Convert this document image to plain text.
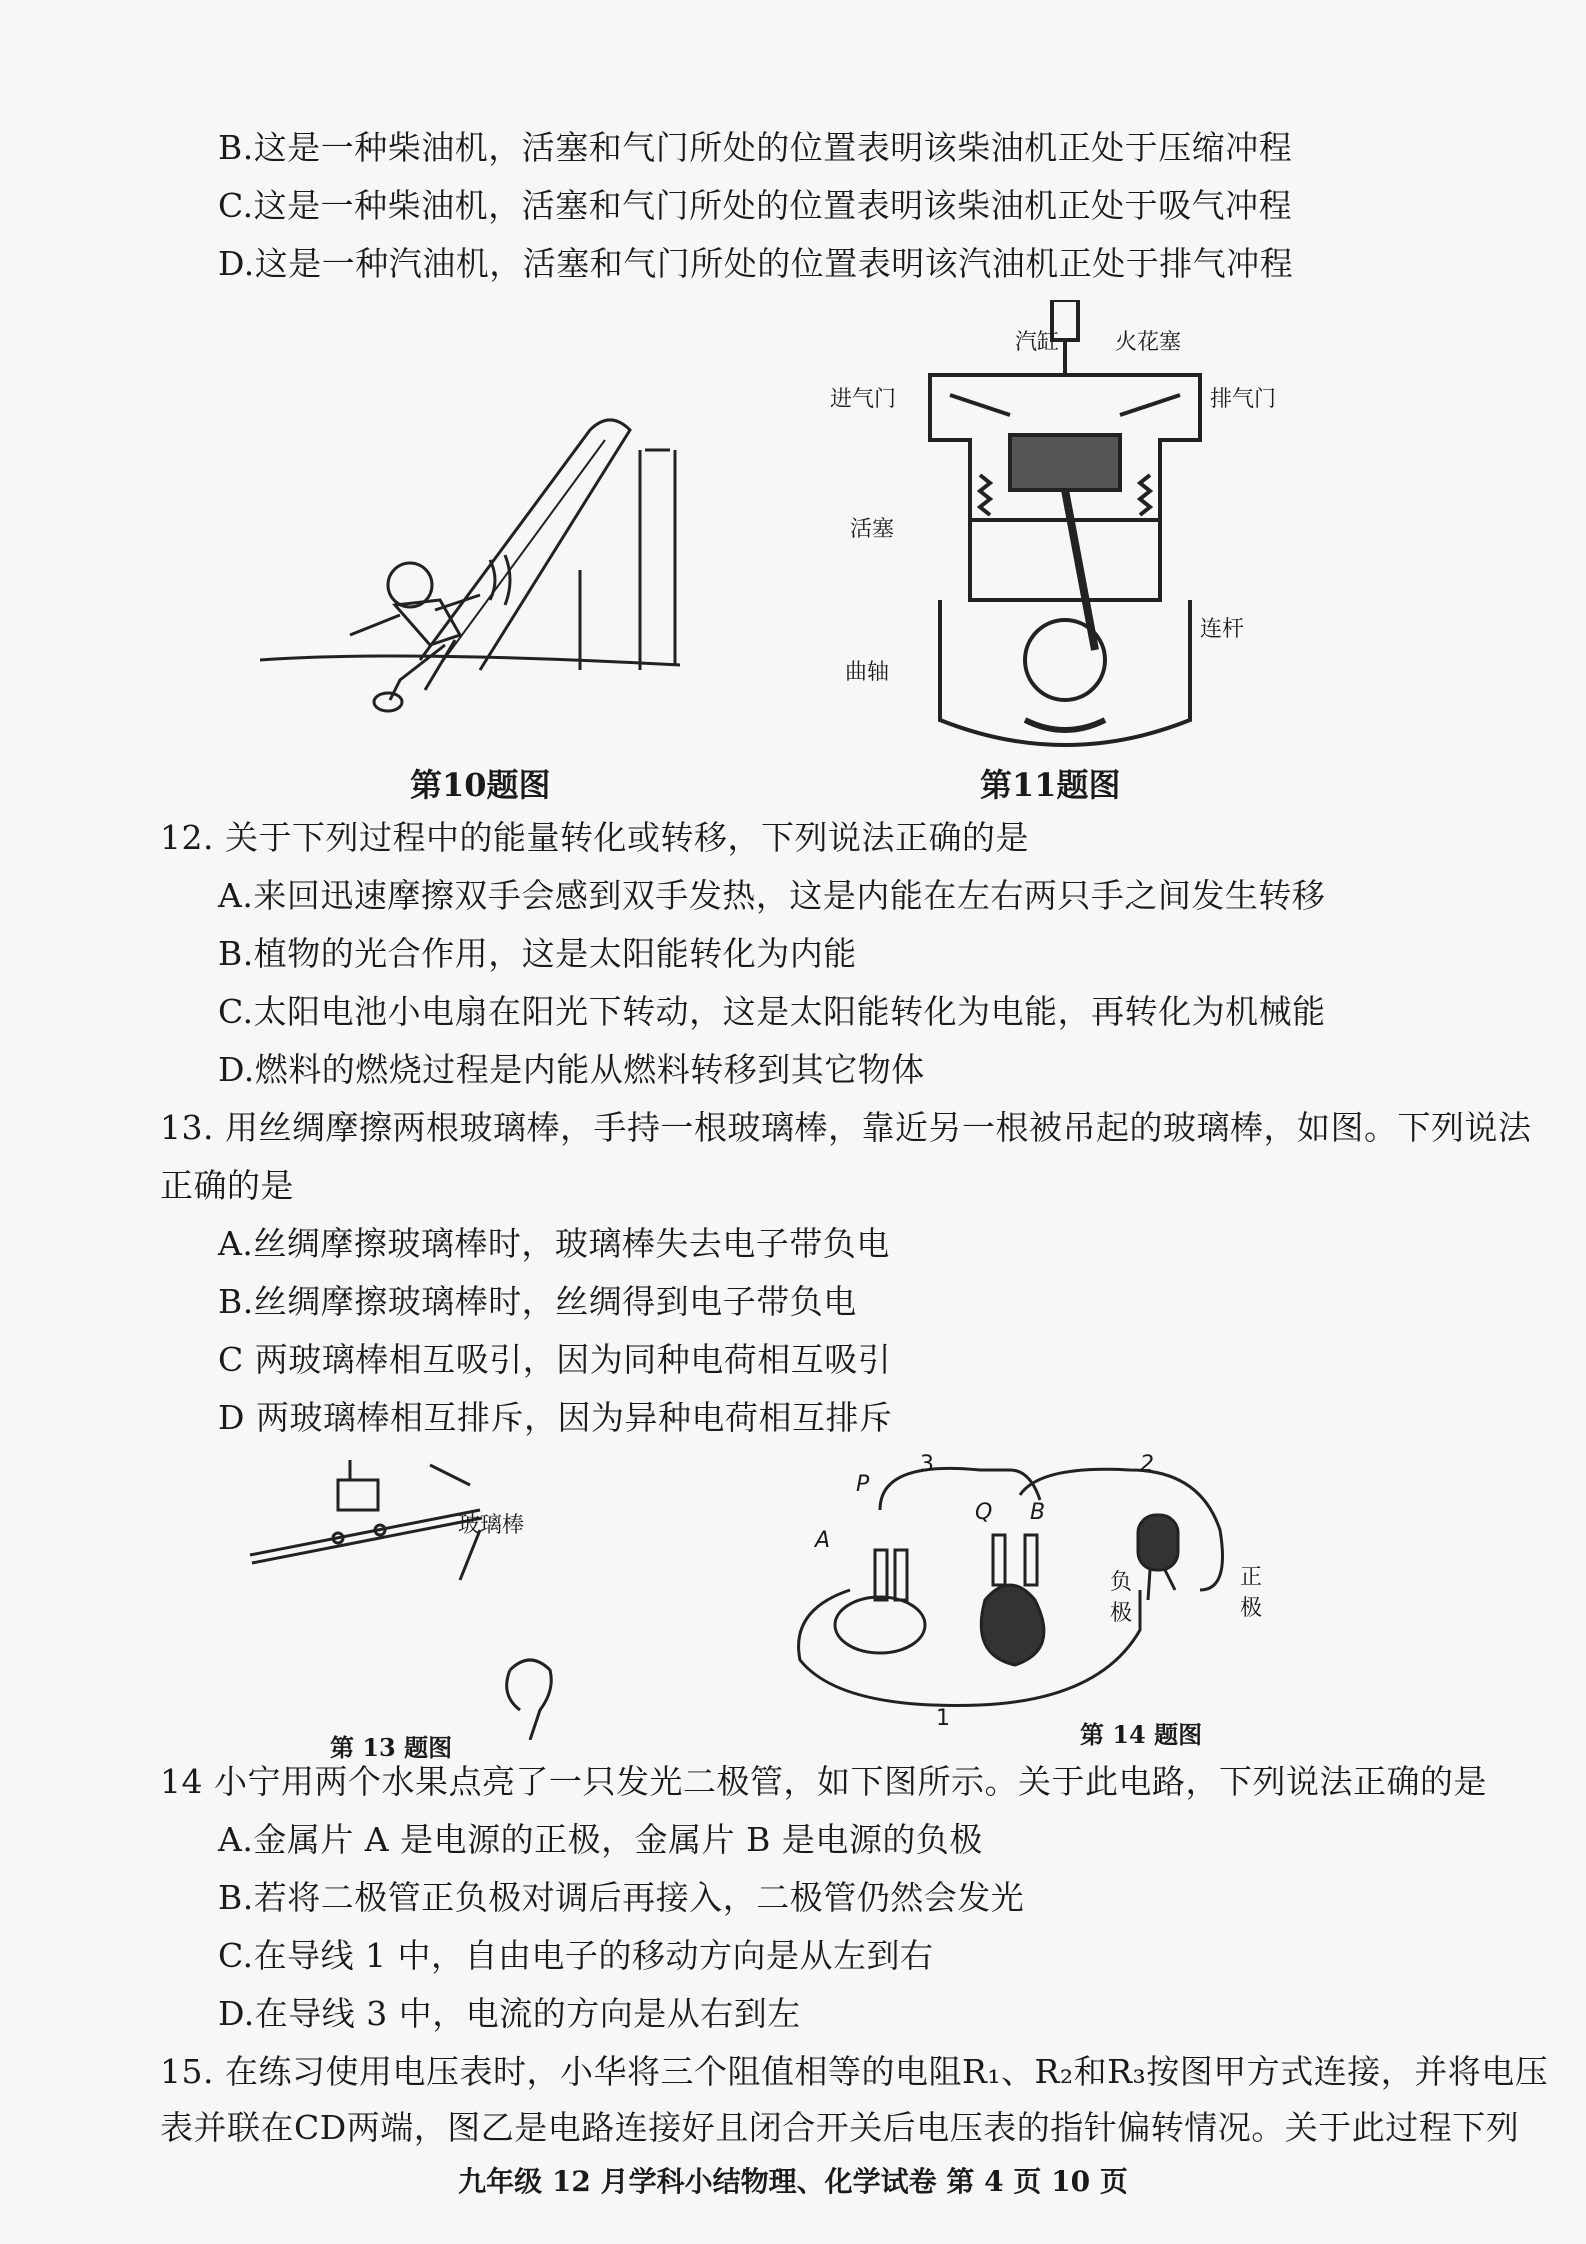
B.这是一种柴油机，活塞和气门所处的位置表明该柴油机正处于压缩冲程
C.这是一种柴油机，活塞和气门所处的位置表明该柴油机正处于吸气冲程
D.这是一种汽油机，活塞和气门所处的位置表明该汽油机正处于排气冲程
第10题图
汽缸	火花塞
进气门	排气门
活塞
连杆
曲轴
第11题图
12. 关于下列过程中的能量转化或转移，下列说法正确的是
A.来回迅速摩擦双手会感到双手发热，这是内能在左右两只手之间发生转移
B.植物的光合作用，这是太阳能转化为内能
C.太阳电池小电扇在阳光下转动，这是太阳能转化为电能，再转化为机械能
D.燃料的燃烧过程是内能从燃料转移到其它物体
13. 用丝绸摩擦两根玻璃棒，手持一根玻璃棒，靠近另一根被吊起的玻璃棒，如图。下列说法
正确的是
A.丝绸摩擦玻璃棒时，玻璃棒失去电子带负电
B.丝绸摩擦玻璃棒时，丝绸得到电子带负电
C 两玻璃棒相互吸引，因为同种电荷相互吸引
D 两玻璃棒相互排斥，因为异种电荷相互排斥
玻璃棒
第 13 题图
P
3	2
Q B
A
负极
正极
1
第 14 题图
14 小宁用两个水果点亮了一只发光二极管，如下图所示。关于此电路，下列说法正确的是
A.金属片 A 是电源的正极，金属片 B 是电源的负极
B.若将二极管正负极对调后再接入，二极管仍然会发光
C.在导线 1 中，自由电子的移动方向是从左到右
D.在导线 3 中，电流的方向是从右到左
15. 在练习使用电压表时，小华将三个阻值相等的电阻R₁、R₂和R₃按图甲方式连接，并将电压
表并联在CD两端，图乙是电路连接好且闭合开关后电压表的指针偏转情况。关于此过程下列
九年级 12 月学科小结物理、化学试卷 第 4 页 10 页
